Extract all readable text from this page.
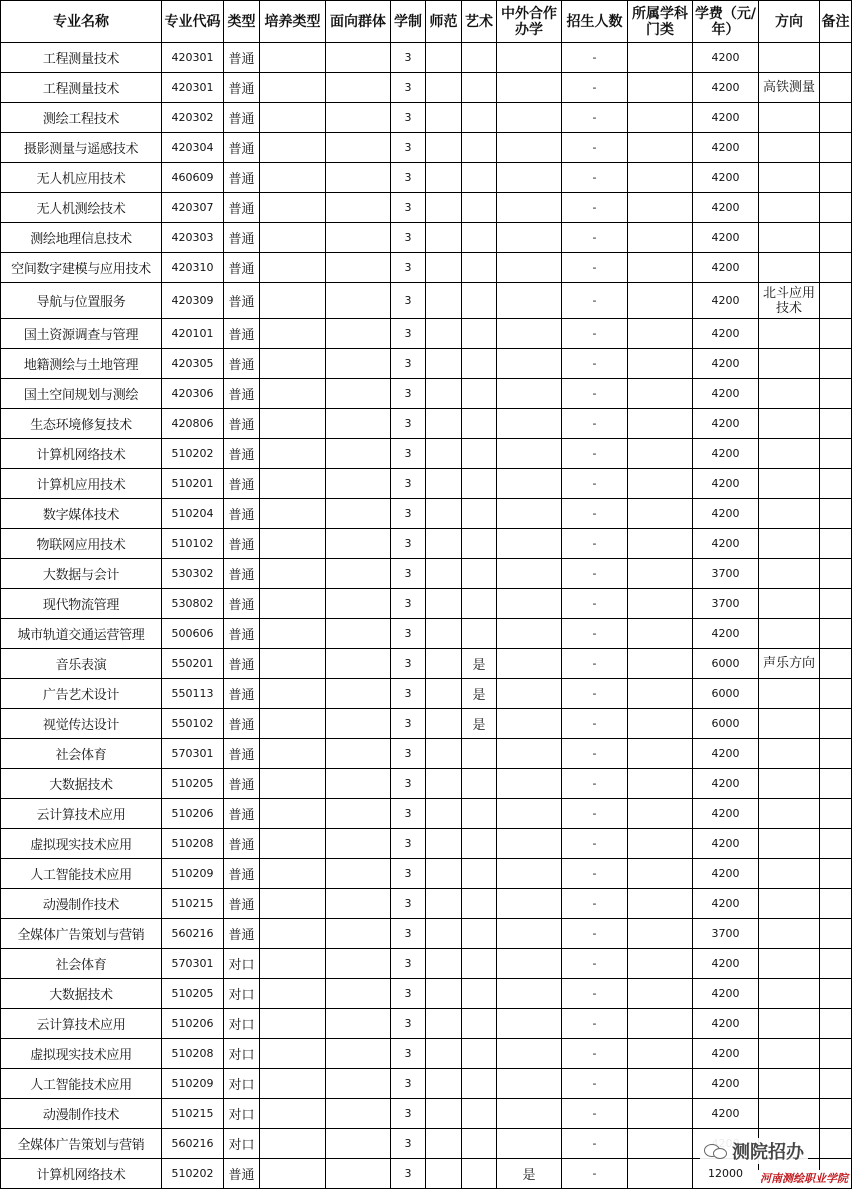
专业名称	专业代码	类型	培养类型	面向群体	学制	师范	艺术	中外合作办学	招生人数	所属学科门类	学费（元/年）	方向	备注
工程测量技术	420301	普通			3				-		4200		
工程测量技术	420301	普通			3				-		4200	高铁测量	
测绘工程技术	420302	普通			3				-		4200		
摄影测量与遥感技术	420304	普通			3				-		4200		
无人机应用技术	460609	普通			3				-		4200		
无人机测绘技术	420307	普通			3				-		4200		
测绘地理信息技术	420303	普通			3				-		4200		
空间数字建模与应用技术	420310	普通			3				-		4200		
导航与位置服务	420309	普通			3				-		4200	北斗应用技术	
国土资源调查与管理	420101	普通			3				-		4200		
地籍测绘与土地管理	420305	普通			3				-		4200		
国土空间规划与测绘	420306	普通			3				-		4200		
生态环境修复技术	420806	普通			3				-		4200		
计算机网络技术	510202	普通			3				-		4200		
计算机应用技术	510201	普通			3				-		4200		
数字媒体技术	510204	普通			3				-		4200		
物联网应用技术	510102	普通			3				-		4200		
大数据与会计	530302	普通			3				-		3700		
现代物流管理	530802	普通			3				-		3700		
城市轨道交通运营管理	500606	普通			3				-		4200		
音乐表演	550201	普通			3		是		-		6000	声乐方向	
广告艺术设计	550113	普通			3		是		-		6000		
视觉传达设计	550102	普通			3		是		-		6000		
社会体育	570301	普通			3				-		4200		
大数据技术	510205	普通			3				-		4200		
云计算技术应用	510206	普通			3				-		4200		
虚拟现实技术应用	510208	普通			3				-		4200		
人工智能技术应用	510209	普通			3				-		4200		
动漫制作技术	510215	普通			3				-		4200		
全媒体广告策划与营销	560216	普通			3				-		3700		
社会体育	570301	对口			3				-		4200		
大数据技术	510205	对口			3				-		4200		
云计算技术应用	510206	对口			3				-		4200		
虚拟现实技术应用	510208	对口			3				-		4200		
人工智能技术应用	510209	对口			3				-		4200		
动漫制作技术	510215	对口			3				-		4200		
全媒体广告策划与营销	560216	对口			3				-				
计算机网络技术	510202	普通			3			是	-		12000		
测院招办
河南测绘职业学院
